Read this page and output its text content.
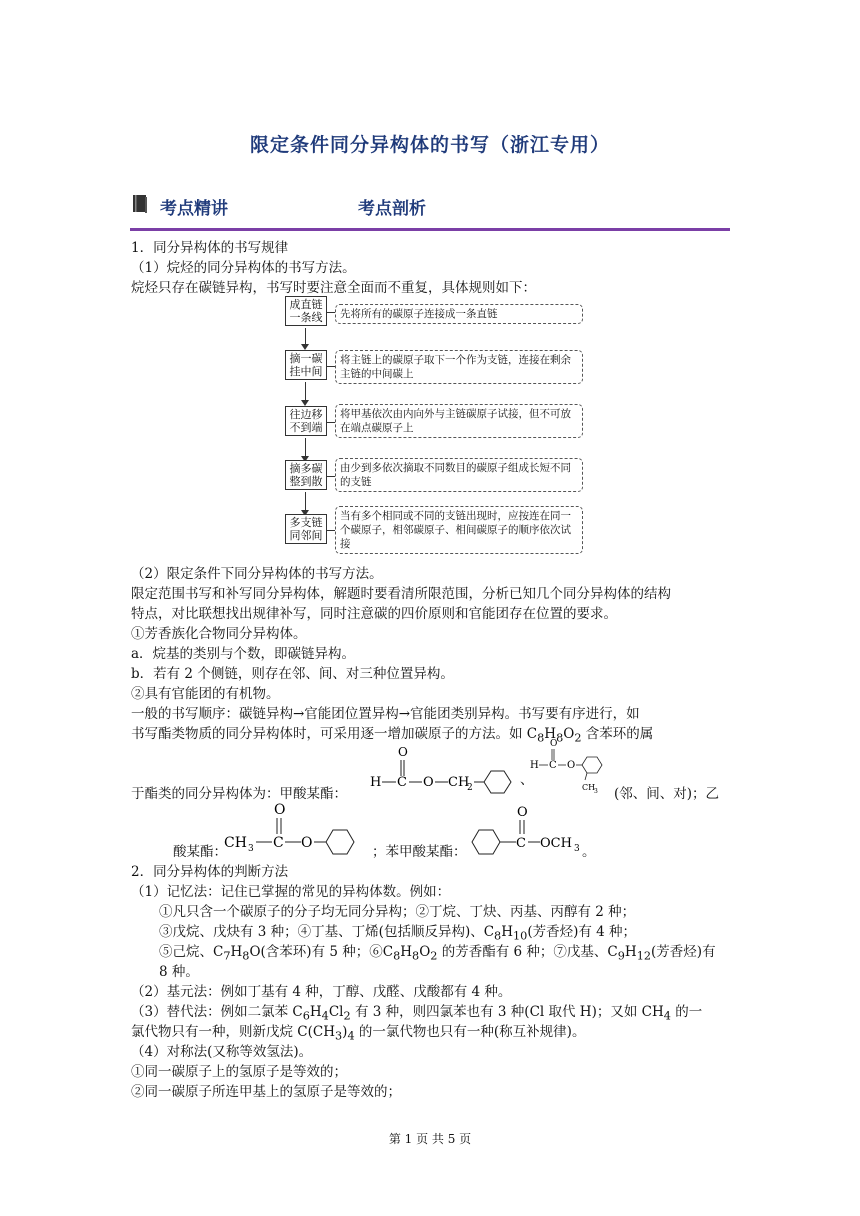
限定条件同分异构体的书写（浙江专用）
考点精讲	考点剖析
1．同分异构体的书写规律
（1）烷烃的同分异构体的书写方法。
烷烃只存在碳链异构，书写时要注意全面而不重复，具体规则如下：
成直链
一条线	先将所有的碳原子连接成一条直链
摘一碳
挂中间
将主链上的碳原子取下一个作为支链，连接在剩余主链的中间碳上
往边移
不到端
将甲基依次由内向外与主链碳原子试接，但不可放在端点碳原子上
摘多碳
整到散
由少到多依次摘取不同数目的碳原子组成长短不同的支链
多支链
同邻间
当有多个相同或不同的支链出现时，应按连在同一个碳原子，相邻碳原子、相间碳原子的顺序依次试接
（2）限定条件下同分异构体的书写方法。
限定范围书写和补写同分异构体，解题时要看清所限范围，分析已知几个同分异构体的结构
特点，对比联想找出规律补写，同时注意碳的四价原则和官能团存在位置的要求。
①芳香族化合物同分异构体。
a．烷基的类别与个数，即碳链异构。
b．若有 2 个侧链，则存在邻、间、对三种位置异构。
②具有官能团的有机物。
一般的书写顺序：碳链异构→官能团位置异构→官能团类别异构。书写要有序进行，如
书写酯类物质的同分异构体时，可采用逐一增加碳原子的方法。如 $C_8H_8O_2$ 含苯环的属
O
H C O CH
2	、
O
H C O
CH
3
于酯类的同分异构体为：甲酸某酯：	(邻、间、对)；乙
酸某酯：
O
CH 3 C O
；苯甲酸某酯：
O
C OCH 3 。
2．同分异构体的判断方法
（1）记忆法：记住已掌握的常见的异构体数。例如：
①凡只含一个碳原子的分子均无同分异构；②丁烷、丁炔、丙基、丙醇有 2 种；
③戊烷、戊炔有 3 种；④丁基、丁烯(包括顺反异构)、$C_8H_{10}$(芳香烃)有 4 种；
⑤己烷、$C_7H_8O$(含苯环)有 5 种；$⑥C_8H_8O_2$ 的芳香酯有 6 种；⑦戊基、$C_9H_{12}$(芳香烃)有
8 种。
（2）基元法：例如丁基有 4 种，丁醇、戊醛、戊酸都有 4 种。
（3）替代法：例如二氯苯 $C_6H_4Cl_2$ 有 3 种，则四氯苯也有 3 种(Cl 取代 H)；又如 $CH_4$ 的一
氯代物只有一种，则新戊烷 $C(CH_3)_4$ 的一氯代物也只有一种(称互补规律)。
（4）对称法(又称等效氢法)。
①同一碳原子上的氢原子是等效的；
②同一碳原子所连甲基上的氢原子是等效的；
第 1 页 共 5 页
